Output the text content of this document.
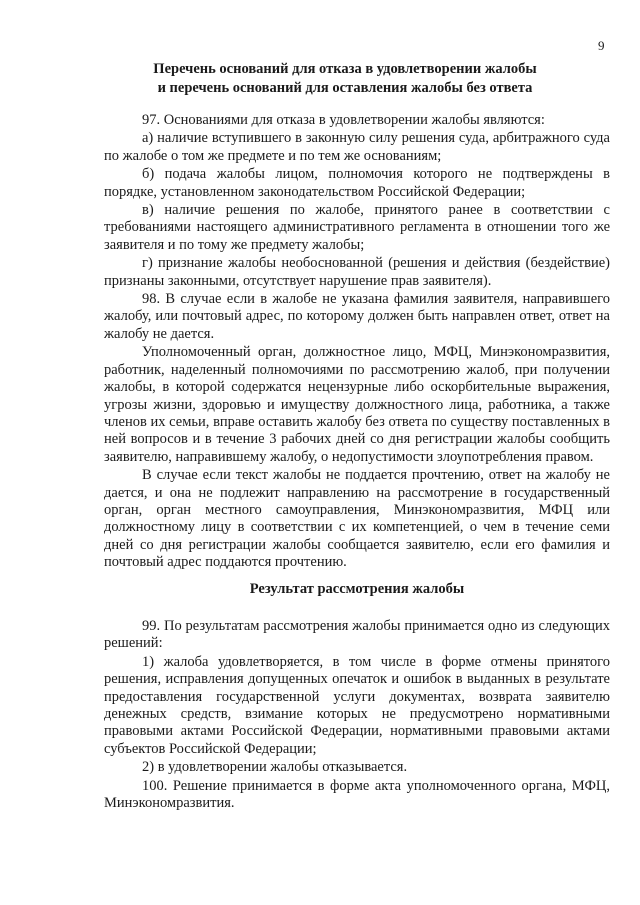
9
Перечень оснований для отказа в удовлетворении жалобы
и перечень оснований для оставления жалобы без ответа

97. Основаниями для отказа в удовлетворении жалобы являются:

а) наличие вступившего в законную силу решения суда, арбитражного суда по жалобе о том же предмете и по тем же основаниям;

б) подача жалобы лицом, полномочия которого не подтверждены в порядке, установленном законодательством Российской Федерации;

в) наличие решения по жалобе, принятого ранее в соответствии с требованиями настоящего административного регламента в отношении того же заявителя и по тому же предмету жалобы;

г) признание жалобы необоснованной (решения и действия (бездействие) признаны законными, отсутствует нарушение прав заявителя).

98. В случае если в жалобе не указана фамилия заявителя, направившего жалобу, или почтовый адрес, по которому должен быть направлен ответ, ответ на жалобу не дается.

Уполномоченный орган, должностное лицо, МФЦ, Минэкономразвития, работник, наделенный полномочиями по рассмотрению жалоб, при получении жалобы, в которой содержатся нецензурные либо оскорбительные выражения, угрозы жизни, здоровью и имуществу должностного лица, работника, а также членов их семьи, вправе оставить жалобу без ответа по существу поставленных в ней вопросов и в течение 3 рабочих дней со дня регистрации жалобы сообщить заявителю, направившему жалобу, о недопустимости злоупотребления правом.

В случае если текст жалобы не поддается прочтению, ответ на жалобу не дается, и она не подлежит направлению на рассмотрение в государственный орган, орган местного самоуправления, Минэкономразвития, МФЦ или должностному лицу в соответствии с их компетенцией, о чем в течение семи дней со дня регистрации жалобы сообщается заявителю, если его фамилия и почтовый адрес поддаются прочтению.

Результат рассмотрения жалобы

99. По результатам рассмотрения жалобы принимается одно из следующих решений:

1) жалоба удовлетворяется, в том числе в форме отмены принятого решения, исправления допущенных опечаток и ошибок в выданных в результате предоставления государственной услуги документах, возврата заявителю денежных средств, взимание которых не предусмотрено нормативными правовыми актами Российской Федерации, нормативными правовыми актами субъектов Российской Федерации;

2) в удовлетворении жалобы отказывается.

100. Решение принимается в форме акта уполномоченного органа, МФЦ, Минэкономразвития.
